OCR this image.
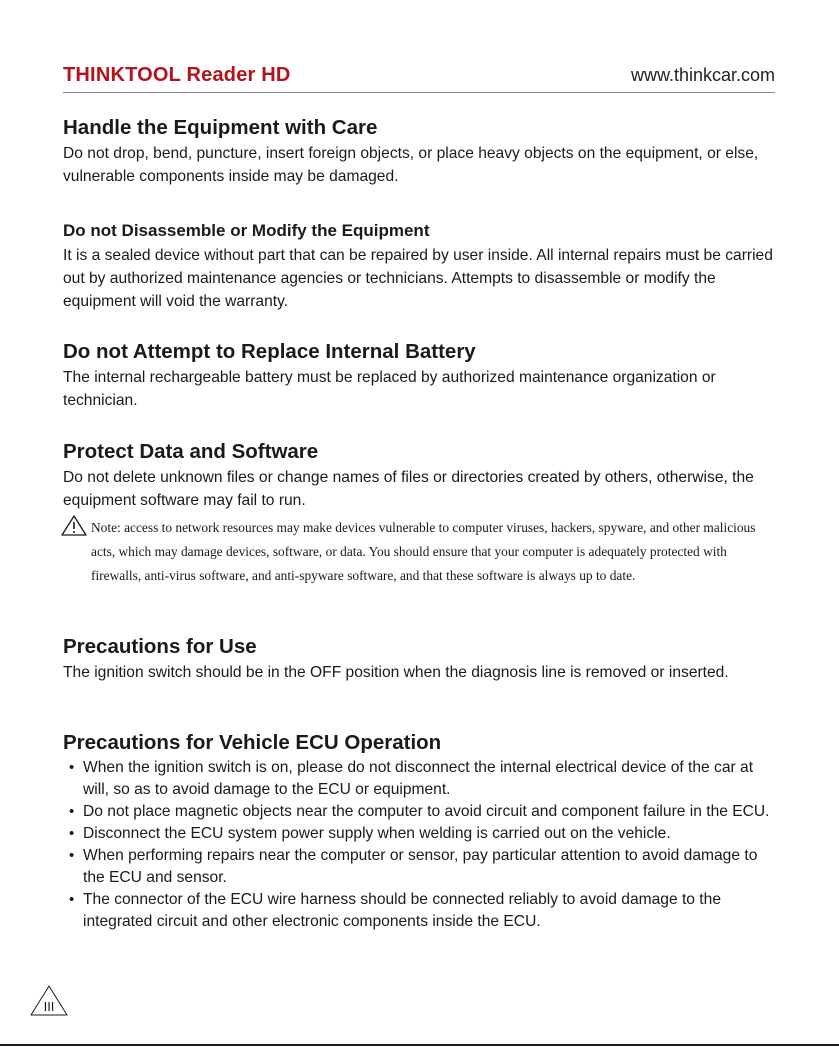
THINKTOOL Reader HD	www.thinkcar.com
Handle the Equipment with Care

Do not drop, bend, puncture, insert foreign objects, or place heavy objects on the equipment, or else, vulnerable components inside may be damaged.

Do not Disassemble or Modify the Equipment

It is a sealed device without part that can be repaired by user inside. All internal repairs must be carried out by authorized maintenance agencies or technicians. Attempts to disassemble or modify the equipment will void the warranty.

Do not Attempt to Replace Internal Battery

The internal rechargeable battery must be replaced by authorized maintenance organization or technician.

Protect Data and Software

Do not delete unknown files or change names of files or directories created by others, otherwise, the equipment software may fail to run.

Note: access to network resources may make devices vulnerable to computer viruses, hackers, spyware, and other malicious acts, which may damage devices, software, or data. You should ensure that your computer is adequately protected with firewalls, anti-virus software, and anti-spyware software, and that these software is always up to date.

Precautions for Use

The ignition switch should be in the OFF position when the diagnosis line is removed or inserted.

Precautions for Vehicle ECU Operation
• When the ignition switch is on, please do not disconnect the internal electrical device of the car at will, so as to avoid damage to the ECU or equipment.
• Do not place magnetic objects near the computer to avoid circuit and component failure in the ECU.
• Disconnect the ECU system power supply when welding is carried out on the vehicle.
• When performing repairs near the computer or sensor, pay particular attention to avoid damage to the ECU and sensor.
• The connector of the ECU wire harness should be connected reliably to avoid damage to the integrated circuit and other electronic components inside the ECU.
III
